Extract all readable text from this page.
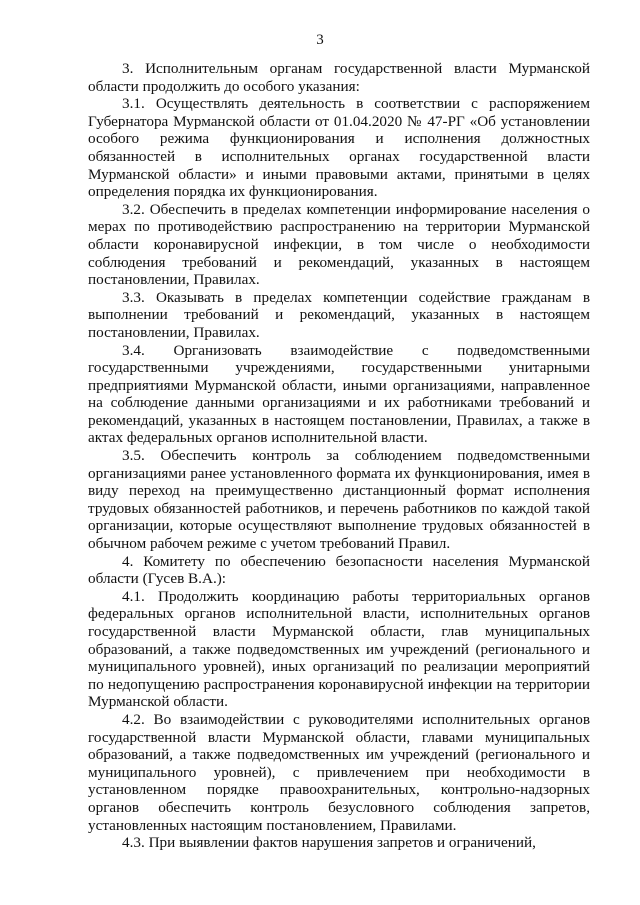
3

3. Исполнительным органам государственной власти Мурманской области продолжить до особого указания:

3.1. Осуществлять деятельность в соответствии с распоряжением Губернатора Мурманской области от 01.04.2020 № 47-РГ «Об установлении особого режима функционирования и исполнения должностных обязанностей в исполнительных органах государственной власти Мурманской области» и иными правовыми актами, принятыми в целях определения порядка их функционирования.

3.2. Обеспечить в пределах компетенции информирование населения о мерах по противодействию распространению на территории Мурманской области коронавирусной инфекции, в том числе о необходимости соблюдения требований и рекомендаций, указанных в настоящем постановлении, Правилах.

3.3. Оказывать в пределах компетенции содействие гражданам в выполнении требований и рекомендаций, указанных в настоящем постановлении, Правилах.

3.4. Организовать взаимодействие с подведомственными государственными учреждениями, государственными унитарными предприятиями Мурманской области, иными организациями, направленное на соблюдение данными организациями и их работниками требований и рекомендаций, указанных в настоящем постановлении, Правилах, а также в актах федеральных органов исполнительной власти.

3.5. Обеспечить контроль за соблюдением подведомственными организациями ранее установленного формата их функционирования, имея в виду переход на преимущественно дистанционный формат исполнения трудовых обязанностей работников, и перечень работников по каждой такой организации, которые осуществляют выполнение трудовых обязанностей в обычном рабочем режиме с учетом требований Правил.

4. Комитету по обеспечению безопасности населения Мурманской области (Гусев В.А.):

4.1. Продолжить координацию работы территориальных органов федеральных органов исполнительной власти, исполнительных органов государственной власти Мурманской области, глав муниципальных образований, а также подведомственных им учреждений (регионального и муниципального уровней), иных организаций по реализации мероприятий по недопущению распространения коронавирусной инфекции на территории Мурманской области.

4.2. Во взаимодействии с руководителями исполнительных органов государственной власти Мурманской области, главами муниципальных образований, а также подведомственных им учреждений (регионального и муниципального уровней), с привлечением при необходимости в установленном порядке правоохранительных, контрольно-надзорных органов обеспечить контроль безусловного соблюдения запретов, установленных настоящим постановлением, Правилами.

4.3. При выявлении фактов нарушения запретов и ограничений,
